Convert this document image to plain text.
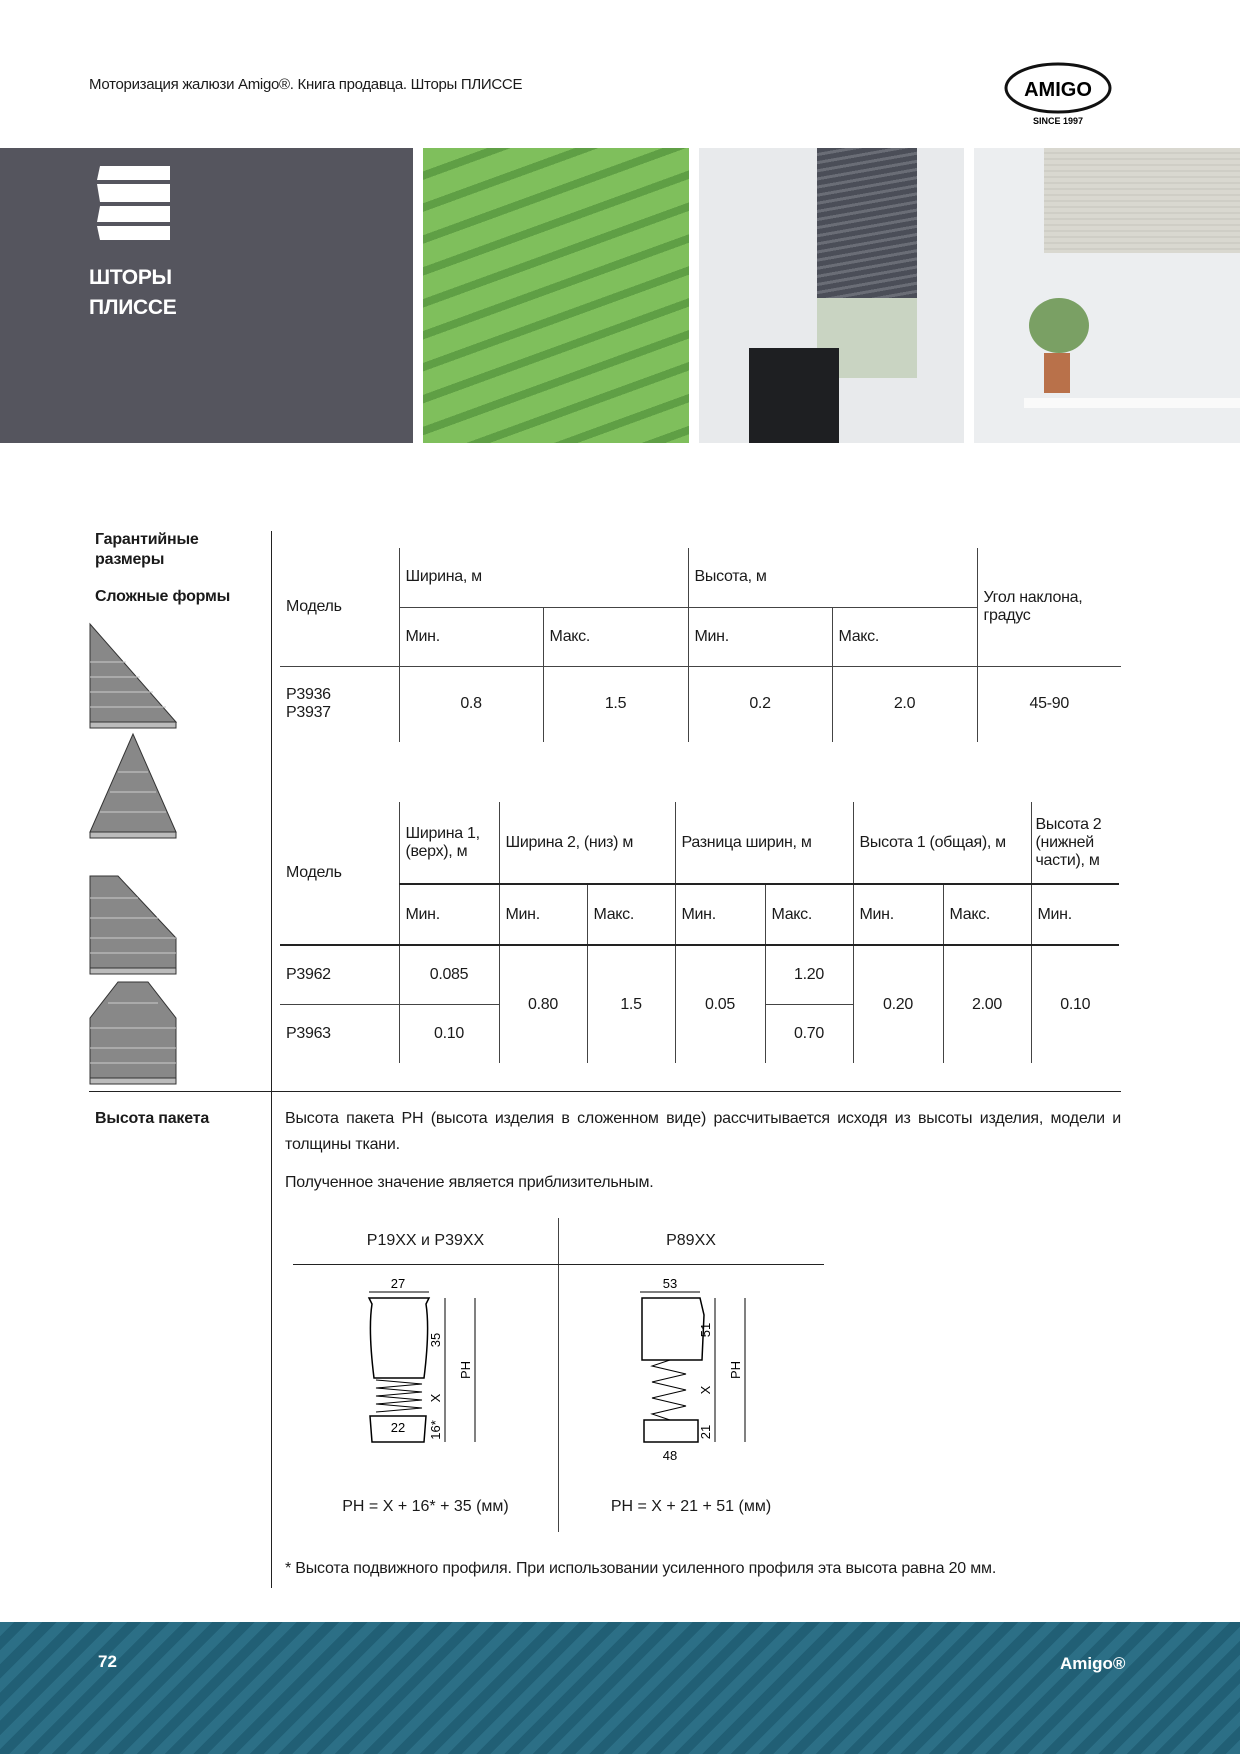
Моторизация жалюзи Amigo®. Книга продавца. Шторы ПЛИССЕ	AMIGO
SINCE 1997
ШТОРЫ
ПЛИССЕ
Гарантийные размеры
Сложные формы
Модель	Ширина, м		Высота, м		Угол наклона, градус
	Мин.	Макс.	Мин.	Макс.	
P3936
P3937	0.8	1.5	0.2	2.0	45-90
Модель	Ширина 1, (верх), м	Ширина 2, (низ) м		Разница ширин, м		Высота 1 (общая), м		Высота 2 (нижней части), м
	Мин.	Мин.	Макс.	Мин.	Макс.	Мин.	Макс.	Мин.
P3962	0.085	0.80	1.5	0.05	1.20	0.20	2.00	0.10
P3963	0.10				0.70			
Высота пакета	Высота пакета PH (высота изделия в сложенном виде) рассчитывается исходя из высоты изделия, модели и толщины ткани.
Полученное значение является приблизительным.
P19XX и P39XX	P89XX
27
22
35
X
16*
PH
53
48
51
X
21
PH
PH = X + 16* + 35 (мм)	PH = X + 21 + 51 (мм)
* Высота подвижного профиля. При использовании усиленного профиля эта высота равна 20 мм.
72	Amigo®
